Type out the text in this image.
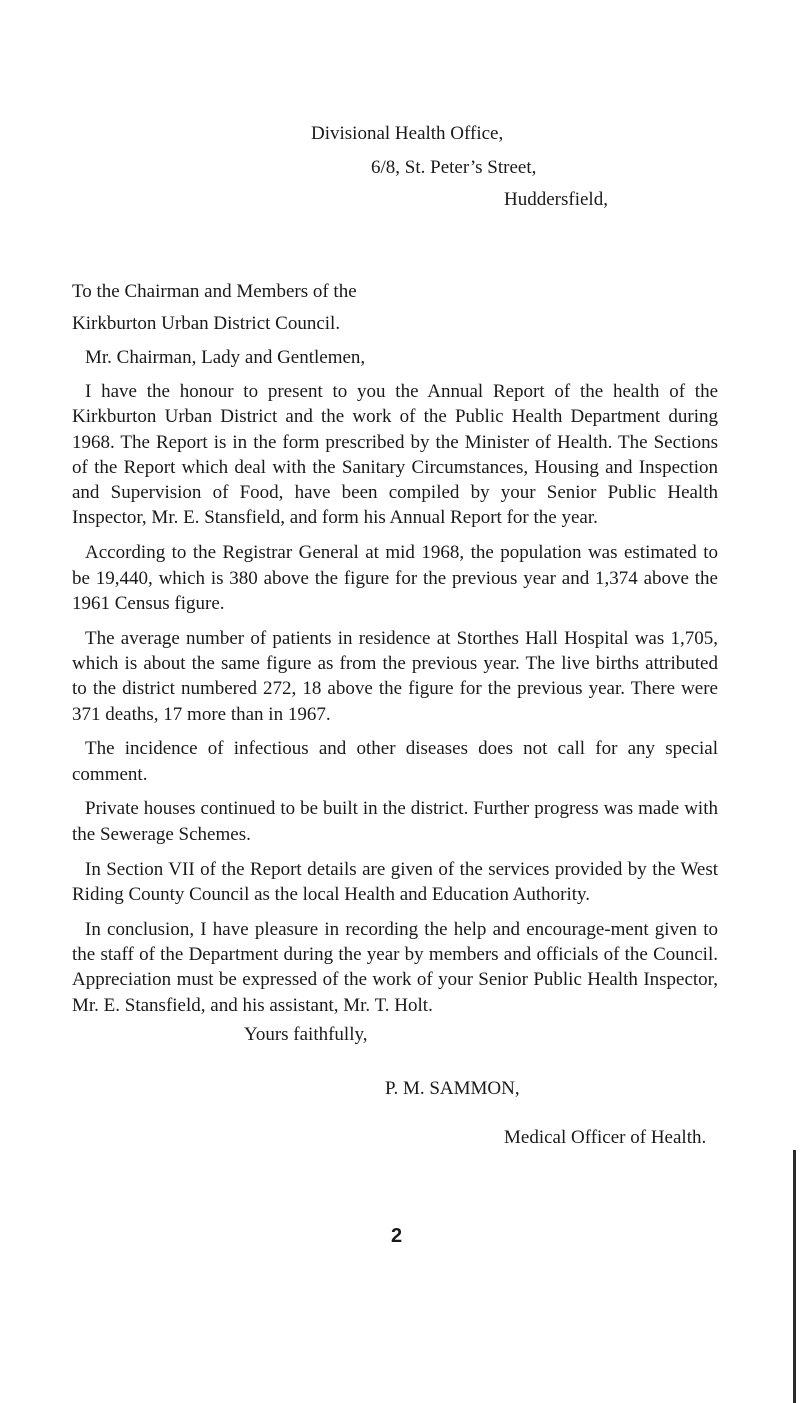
Divisional Health Office,
6/8, St. Peter’s Street,
Huddersfield,
To the Chairman and Members of the
Kirkburton Urban District Council.
Mr. Chairman, Lady and Gentlemen,

I have the honour to present to you the Annual Report of the health of the Kirkburton Urban District and the work of the Public Health Department during 1968. The Report is in the form prescribed by the Minister of Health. The Sections of the Report which deal with the Sanitary Circumstances, Housing and Inspection and Supervision of Food, have been compiled by your Senior Public Health Inspector, Mr. E. Stansfield, and form his Annual Report for the year.

According to the Registrar General at mid 1968, the population was estimated to be 19,440, which is 380 above the figure for the previous year and 1,374 above the 1961 Census figure.

The average number of patients in residence at Storthes Hall Hospital was 1,705, which is about the same figure as from the previous year. The live births attributed to the district numbered 272, 18 above the figure for the previous year. There were 371 deaths, 17 more than in 1967.

The incidence of infectious and other diseases does not call for any special comment.

Private houses continued to be built in the district. Further progress was made with the Sewerage Schemes.

In Section VII of the Report details are given of the services provided by the West Riding County Council as the local Health and Education Authority.

In conclusion, I have pleasure in recording the help and encourage-ment given to the staff of the Department during the year by members and officials of the Council. Appreciation must be expressed of the work of your Senior Public Health Inspector, Mr. E. Stansfield, and his assistant, Mr. T. Holt.

Yours faithfully,
P. M. SAMMON,
Medical Officer of Health.
2
